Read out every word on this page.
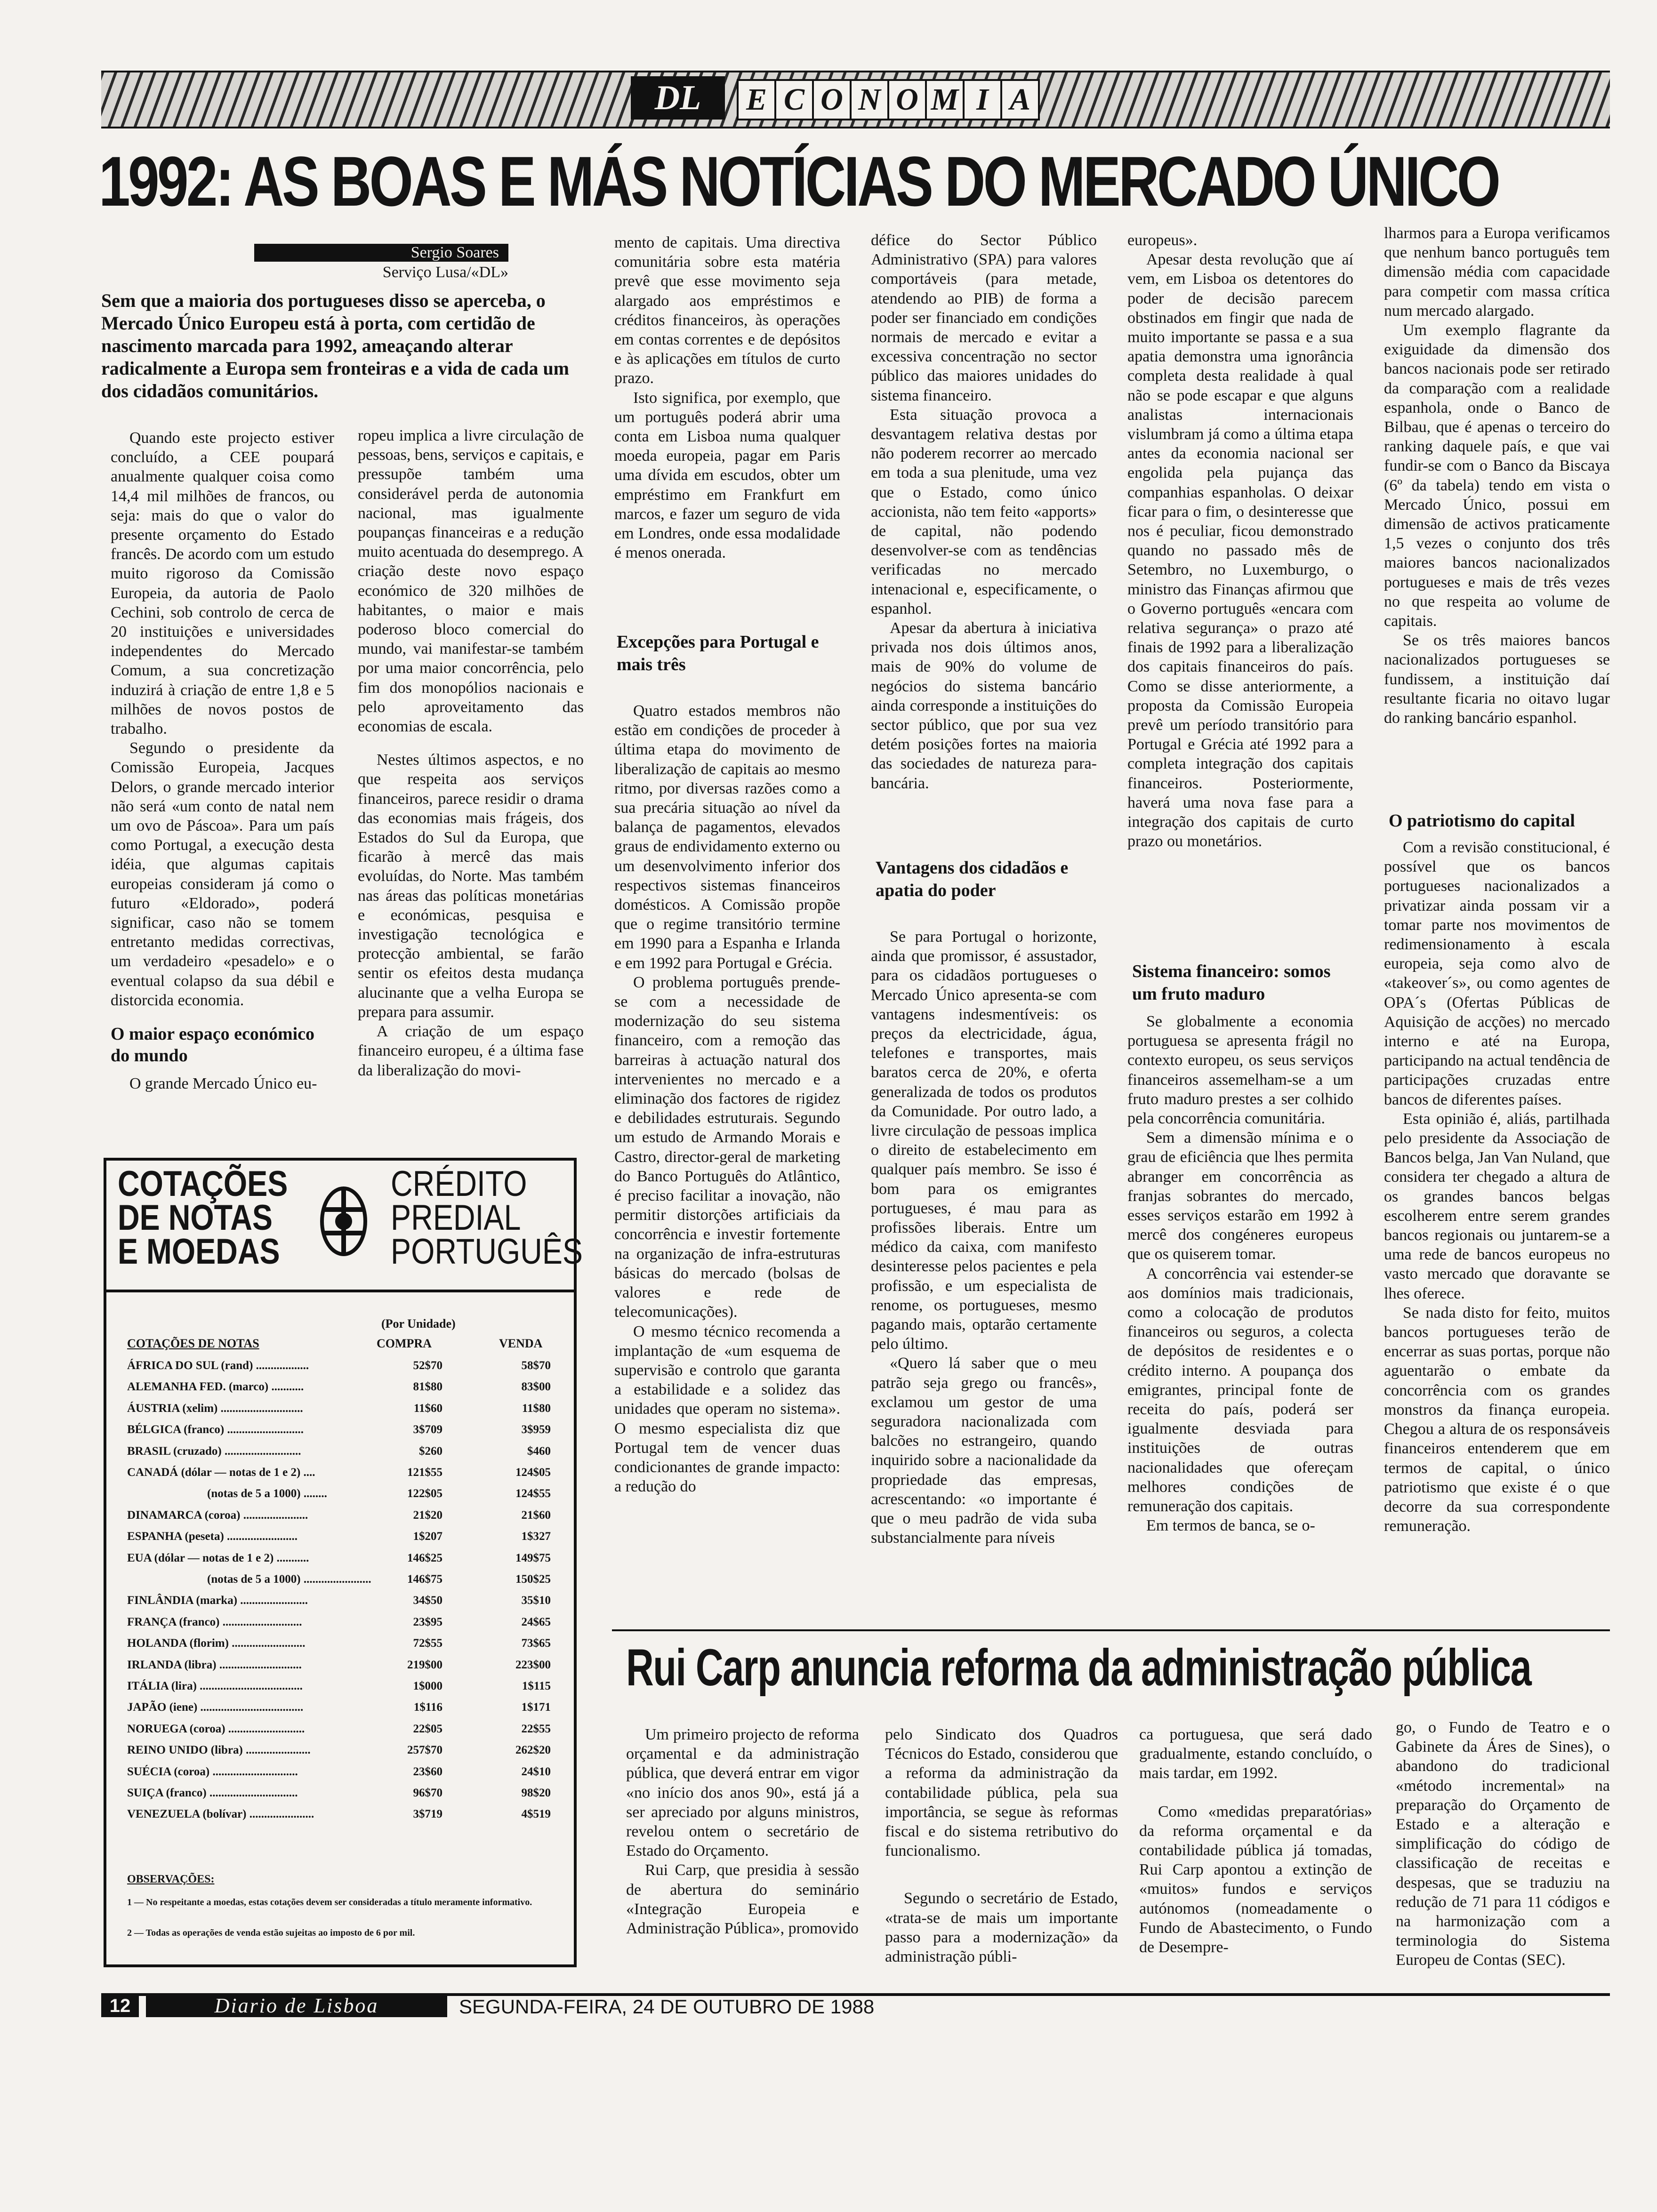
DL	E C O N O M I A
1992: AS BOAS E MÁS NOTÍCIAS DO MERCADO ÚNICO
Sergio Soares
Serviço Lusa/«DL»
Sem que a maioria dos portugueses disso se aperceba, o Mercado Único Europeu está à porta, com certidão de nascimento marcada para 1992, ameaçando alterar radicalmente a Europa sem fronteiras e a vida de cada um dos cidadãos comunitários.

Quando este projecto estiver concluído, a CEE poupará anualmente qualquer coisa como 14,4 mil milhões de francos, ou seja: mais do que o valor do presente orçamento do Estado francês. De acordo com um estudo muito rigoroso da Comissão Europeia, da autoria de Paolo Cechini, sob controlo de cerca de 20 instituições e universidades independentes do Mercado Comum, a sua concretização induzirá à criação de entre 1,8 e 5 milhões de novos postos de trabalho.

Segundo o presidente da Comissão Europeia, Jacques Delors, o grande mercado interior não será «um conto de natal nem um ovo de Páscoa». Para um país como Portugal, a execução desta idéia, que algumas capitais europeias consideram já como o futuro «Eldorado», poderá significar, caso não se tomem entretanto medidas correctivas, um verdadeiro «pesadelo» e o eventual colapso da sua débil e distorcida economia.

O maior espaço económico do mundo

O grande Mercado Único eu-

ropeu implica a livre circulação de pessoas, bens, serviços e capitais, e pressupõe também uma considerável perda de autonomia nacional, mas igualmente poupanças financeiras e a redução muito acentuada do desemprego. A criação deste novo espaço económico de 320 milhões de habitantes, o maior e mais poderoso bloco comercial do mundo, vai manifestar-se também por uma maior concorrência, pelo fim dos monopólios nacionais e pelo aproveitamento das economias de escala.

Nestes últimos aspectos, e no que respeita aos serviços financeiros, parece residir o drama das economias mais frágeis, dos Estados do Sul da Europa, que ficarão à mercê das mais evoluídas, do Norte. Mas também nas áreas das políticas monetárias e económicas, pesquisa e investigação tecnológica e protecção ambiental, se farão sentir os efeitos desta mudança alucinante que a velha Europa se prepara para assumir.

A criação de um espaço financeiro europeu, é a última fase da liberalização do movi-

mento de capitais. Uma directiva comunitária sobre esta matéria prevê que esse movimento seja alargado aos empréstimos e créditos financeiros, às operações em contas correntes e de depósitos e às aplicações em títulos de curto prazo.

Isto significa, por exemplo, que um português poderá abrir uma conta em Lisboa numa qualquer moeda europeia, pagar em Paris uma dívida em escudos, obter um empréstimo em Frankfurt em marcos, e fazer um seguro de vida em Londres, onde essa modalidade é menos onerada.

Excepções para Portugal e mais três

Quatro estados membros não estão em condições de proceder à última etapa do movimento de liberalização de capitais ao mesmo ritmo, por diversas razões como a sua precária situação ao nível da balança de pagamentos, elevados graus de endividamento externo ou um desenvolvimento inferior dos respectivos sistemas financeiros domésticos. A Comissão propõe que o regime transitório termine em 1990 para a Espanha e Irlanda e em 1992 para Portugal e Grécia.

O problema português prende-se com a necessidade de modernização do seu sistema financeiro, com a remoção das barreiras à actuação natural dos intervenientes no mercado e a eliminação dos factores de rigidez e debilidades estruturais. Segundo um estudo de Armando Morais e Castro, director-geral de marketing do Banco Português do Atlântico, é preciso facilitar a inovação, não permitir distorções artificiais da concorrência e investir fortemente na organização de infra-estruturas básicas do mercado (bolsas de valores e rede de telecomunicações).

O mesmo técnico recomenda a implantação de «um esquema de supervisão e controlo que garanta a estabilidade e a solidez das unidades que operam no sistema». O mesmo especialista diz que Portugal tem de vencer duas condicionantes de grande impacto: a redução do

défice do Sector Público Administrativo (SPA) para valores comportáveis (para metade, atendendo ao PIB) de forma a poder ser financiado em condições normais de mercado e evitar a excessiva concentração no sector público das maiores unidades do sistema financeiro.

Esta situação provoca a desvantagem relativa destas por não poderem recorrer ao mercado em toda a sua plenitude, uma vez que o Estado, como único accionista, não tem feito «apports» de capital, não podendo desenvolver-se com as tendências verificadas no mercado intenacional e, especificamente, o espanhol.

Apesar da abertura à iniciativa privada nos dois últimos anos, mais de 90% do volume de negócios do sistema bancário ainda corresponde a instituições do sector público, que por sua vez detém posições fortes na maioria das sociedades de natureza para-bancária.

Vantagens dos cidadãos e apatia do poder

Se para Portugal o horizonte, ainda que promissor, é assustador, para os cidadãos portugueses o Mercado Único apresenta-se com vantagens indesmentíveis: os preços da electricidade, água, telefones e transportes, mais baratos cerca de 20%, e oferta generalizada de todos os produtos da Comunidade. Por outro lado, a livre circulação de pessoas implica o direito de estabelecimento em qualquer país membro. Se isso é bom para os emigrantes portugueses, é mau para as profissões liberais. Entre um médico da caixa, com manifesto desinteresse pelos pacientes e pela profissão, e um especialista de renome, os portugueses, mesmo pagando mais, optarão certamente pelo último.

«Quero lá saber que o meu patrão seja grego ou francês», exclamou um gestor de uma seguradora nacionalizada com balcões no estrangeiro, quando inquirido sobre a nacionalidade da propriedade das empresas, acrescentando: «o importante é que o meu padrão de vida suba substancialmente para níveis

europeus».

Apesar desta revolução que aí vem, em Lisboa os detentores do poder de decisão parecem obstinados em fingir que nada de muito importante se passa e a sua apatia demonstra uma ignorância completa desta realidade à qual não se pode escapar e que alguns analistas internacionais vislumbram já como a última etapa antes da economia nacional ser engolida pela pujança das companhias espanholas. O deixar ficar para o fim, o desinteresse que nos é peculiar, ficou demonstrado quando no passado mês de Setembro, no Luxemburgo, o ministro das Finanças afirmou que o Governo português «encara com relativa segurança» o prazo até finais de 1992 para a liberalização dos capitais financeiros do país. Como se disse anteriormente, a proposta da Comissão Europeia prevê um período transitório para Portugal e Grécia até 1992 para a completa integração dos capitais financeiros. Posteriormente, haverá uma nova fase para a integração dos capitais de curto prazo ou monetários.

Sistema financeiro: somos um fruto maduro

Se globalmente a economia portuguesa se apresenta frágil no contexto europeu, os seus serviços financeiros assemelham-se a um fruto maduro prestes a ser colhido pela concorrência comunitária.

Sem a dimensão mínima e o grau de eficiência que lhes permita abranger em concorrência as franjas sobrantes do mercado, esses serviços estarão em 1992 à mercê dos congéneres europeus que os quiserem tomar.

A concorrência vai estender-se aos domínios mais tradicionais, como a colocação de produtos financeiros ou seguros, a colecta de depósitos de residentes e o crédito interno. A poupança dos emigrantes, principal fonte de receita do país, poderá ser igualmente desviada para instituições de outras nacionalidades que ofereçam melhores condições de remuneração dos capitais.

Em termos de banca, se o-

lharmos para a Europa verificamos que nenhum banco português tem dimensão média com capacidade para competir com massa crítica num mercado alargado.

Um exemplo flagrante da exiguidade da dimensão dos bancos nacionais pode ser retirado da comparação com a realidade espanhola, onde o Banco de Bilbau, que é apenas o terceiro do ranking daquele país, e que vai fundir-se com o Banco da Biscaya (6º da tabela) tendo em vista o Mercado Único, possui em dimensão de activos praticamente 1,5 vezes o conjunto dos três maiores bancos nacionalizados portugueses e mais de três vezes no que respeita ao volume de capitais.

Se os três maiores bancos nacionalizados portugueses se fundissem, a instituição daí resultante ficaria no oitavo lugar do ranking bancário espanhol.

O patriotismo do capital

Com a revisão constitucional, é possível que os bancos portugueses nacionalizados a privatizar ainda possam vir a tomar parte nos movimentos de redimensionamento à escala europeia, seja como alvo de «takeover´s», ou como agentes de OPA´s (Ofertas Públicas de Aquisição de acções) no mercado interno e até na Europa, participando na actual tendência de participações cruzadas entre bancos de diferentes países.

Esta opinião é, aliás, partilhada pelo presidente da Associação de Bancos belga, Jan Van Nuland, que considera ter chegado a altura de os grandes bancos belgas escolherem entre serem grandes bancos regionais ou juntarem-se a uma rede de bancos europeus no vasto mercado que doravante se lhes oferece.

Se nada disto for feito, muitos bancos portugueses terão de encerrar as suas portas, porque não aguentarão o embate da concorrência com os grandes monstros da finança europeia. Chegou a altura de os responsáveis financeiros entenderem que em termos de capital, o único patriotismo que existe é o que decorre da sua correspondente remuneração.

COTAÇÕES
DE NOTAS
E MOEDAS
CRÉDITO
PREDIAL
PORTUGUÊS
(Por Unidade)
COTAÇÕES DE NOTAS	COMPRA	VENDA
ÁFRICA DO SUL (rand) ..................	52$70	58$70
ALEMANHA FED. (marco) ...........	81$80	83$00
ÁUSTRIA (xelim) ............................	11$60	11$80
BÉLGICA (franco) ..........................	3$709	3$959
BRASIL (cruzado) ..........................	$260	$460
CANADÁ (dólar — notas de 1 e 2) ....	121$55	124$05
(notas de 5 a 1000) ........	122$05	124$55
DINAMARCA (coroa) ......................	21$20	21$60
ESPANHA (peseta) ........................	1$207	1$327
EUA (dólar — notas de 1 e 2) ...........	146$25	149$75
(notas de 5 a 1000) .......................	146$75	150$25
FINLÂNDIA (marka) .......................	34$50	35$10
FRANÇA (franco) ...........................	23$95	24$65
HOLANDA (florim) .........................	72$55	73$65
IRLANDA (libra) ............................	219$00	223$00
ITÁLIA (lira) ...................................	1$000	1$115
JAPÃO (iene) ...................................	1$116	1$171
NORUEGA (coroa) ..........................	22$05	22$55
REINO UNIDO (libra) ......................	257$70	262$20
SUÉCIA (coroa) .............................	23$60	24$10
SUIÇA (franco) ..............................	96$70	98$20
VENEZUELA (bolívar) ......................	3$719	4$519
OBSERVAÇÕES:
1 — No respeitante a moedas, estas cotações devem ser consideradas a título meramente informativo.
2 — Todas as operações de venda estão sujeitas ao imposto de 6 por mil.
Rui Carp anuncia reforma da administração pública

Um primeiro projecto de reforma orçamental e da administração pública, que deverá entrar em vigor «no início dos anos 90», está já a ser apreciado por alguns ministros, revelou ontem o secretário de Estado do Orçamento.

Rui Carp, que presidia à sessão de abertura do seminário «Integração Europeia e Administração Pública», promovido

pelo Sindicato dos Quadros Técnicos do Estado, considerou que a reforma da administração da contabilidade pública, pela sua importância, se segue às reformas fiscal e do sistema retributivo do funcionalismo.

Segundo o secretário de Estado, «trata-se de mais um importante passo para a modernização» da administração públi-

ca portuguesa, que será dado gradualmente, estando concluído, o mais tardar, em 1992.

Como «medidas preparatórias» da reforma orçamental e da contabilidade pública já tomadas, Rui Carp apontou a extinção de «muitos» fundos e serviços autónomos (nomeadamente o Fundo de Abastecimento, o Fundo de Desempre-

go, o Fundo de Teatro e o Gabinete da Áres de Sines), o abandono do tradicional «método incremental» na preparação do Orçamento de Estado e a alteração e simplificação do código de classificação de receitas e despesas, que se traduziu na redução de 71 para 11 códigos e na harmonização com a terminologia do Sistema Europeu de Contas (SEC).

12	Diario de Lisboa	SEGUNDA-FEIRA, 24 DE OUTUBRO DE 1988
